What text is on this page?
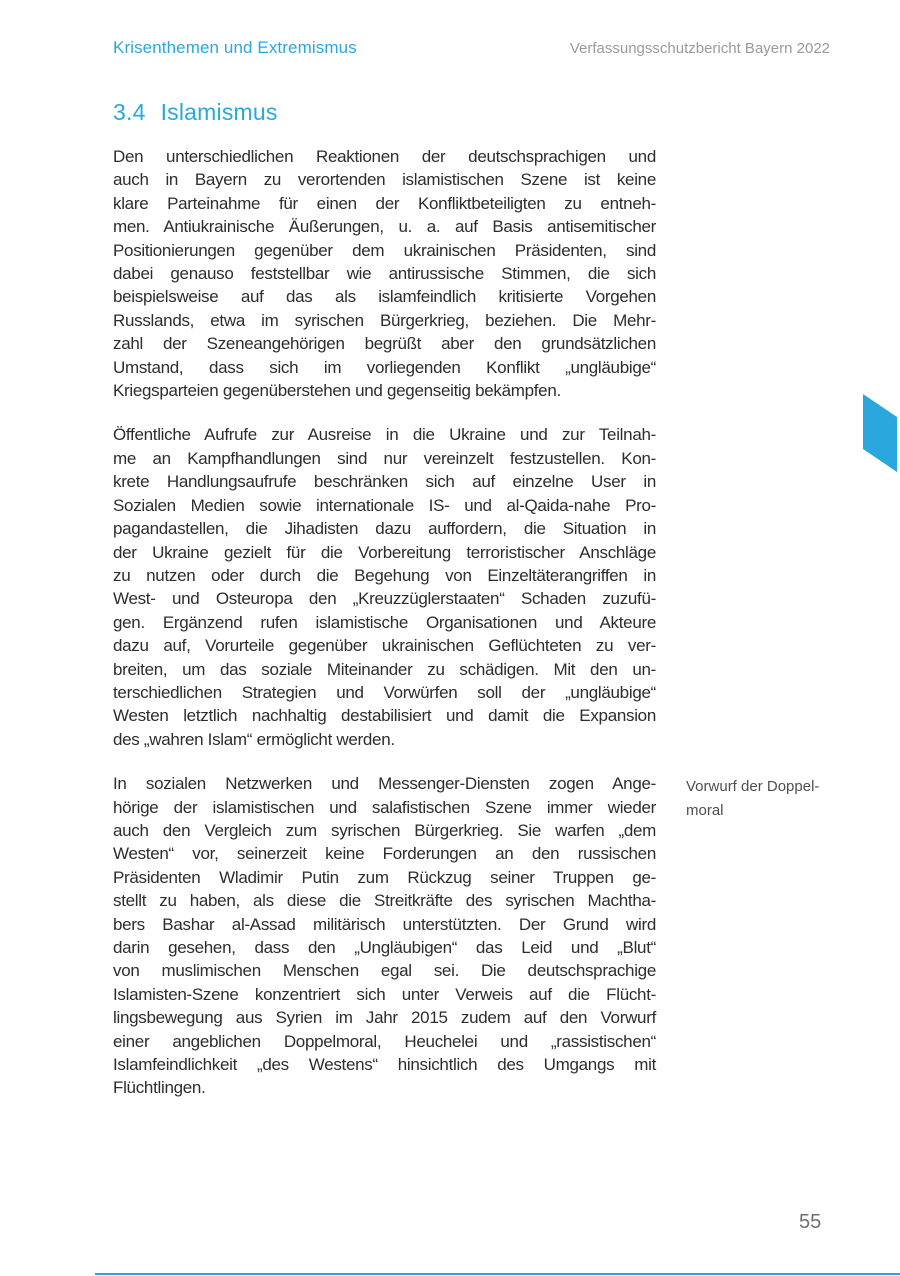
Krisenthemen und Extremismus	Verfassungsschutzbericht Bayern 2022
3.4 Islamismus
Den unterschiedlichen Reaktionen der deutschsprachigen und
auch in Bayern zu verortenden islamistischen Szene ist keine
klare Parteinahme für einen der Konfliktbeteiligten zu entneh-
men. Antiukrainische Äußerungen, u. a. auf Basis antisemitischer
Positionierungen gegenüber dem ukrainischen Präsidenten, sind
dabei genauso feststellbar wie antirussische Stimmen, die sich
beispielsweise auf das als islamfeindlich kritisierte Vorgehen
Russlands, etwa im syrischen Bürgerkrieg, beziehen. Die Mehr-
zahl der Szeneangehörigen begrüßt aber den grundsätzlichen
Umstand, dass sich im vorliegenden Konflikt „ungläubige“
Kriegsparteien gegenüberstehen und gegenseitig bekämpfen.
Öffentliche Aufrufe zur Ausreise in die Ukraine und zur Teilnah-
me an Kampfhandlungen sind nur vereinzelt festzustellen. Kon-
krete Handlungsaufrufe beschränken sich auf einzelne User in
Sozialen Medien sowie internationale IS- und al-Qaida-nahe Pro-
pagandastellen, die Jihadisten dazu auffordern, die Situation in
der Ukraine gezielt für die Vorbereitung terroristischer Anschläge
zu nutzen oder durch die Begehung von Einzeltäterangriffen in
West- und Osteuropa den „Kreuzzüglerstaaten“ Schaden zuzufü-
gen. Ergänzend rufen islamistische Organisationen und Akteure
dazu auf, Vorurteile gegenüber ukrainischen Geflüchteten zu ver-
breiten, um das soziale Miteinander zu schädigen. Mit den un-
terschiedlichen Strategien und Vorwürfen soll der „ungläubige“
Westen letztlich nachhaltig destabilisiert und damit die Expansion
des „wahren Islam“ ermöglicht werden.
In sozialen Netzwerken und Messenger-Diensten zogen Ange-
hörige der islamistischen und salafistischen Szene immer wieder
auch den Vergleich zum syrischen Bürgerkrieg. Sie warfen „dem
Westen“ vor, seinerzeit keine Forderungen an den russischen
Präsidenten Wladimir Putin zum Rückzug seiner Truppen ge-
stellt zu haben, als diese die Streitkräfte des syrischen Machtha-
bers Bashar al-Assad militärisch unterstützten. Der Grund wird
darin gesehen, dass den „Ungläubigen“ das Leid und „Blut“
von muslimischen Menschen egal sei. Die deutschsprachige
Islamisten-Szene konzentriert sich unter Verweis auf die Flücht-
lingsbewegung aus Syrien im Jahr 2015 zudem auf den Vorwurf
einer angeblichen Doppelmoral, Heuchelei und „rassistischen“
Islamfeindlichkeit „des Westens“ hinsichtlich des Umgangs mit
Flüchtlingen.
Vorwurf der Doppel-
moral
55
